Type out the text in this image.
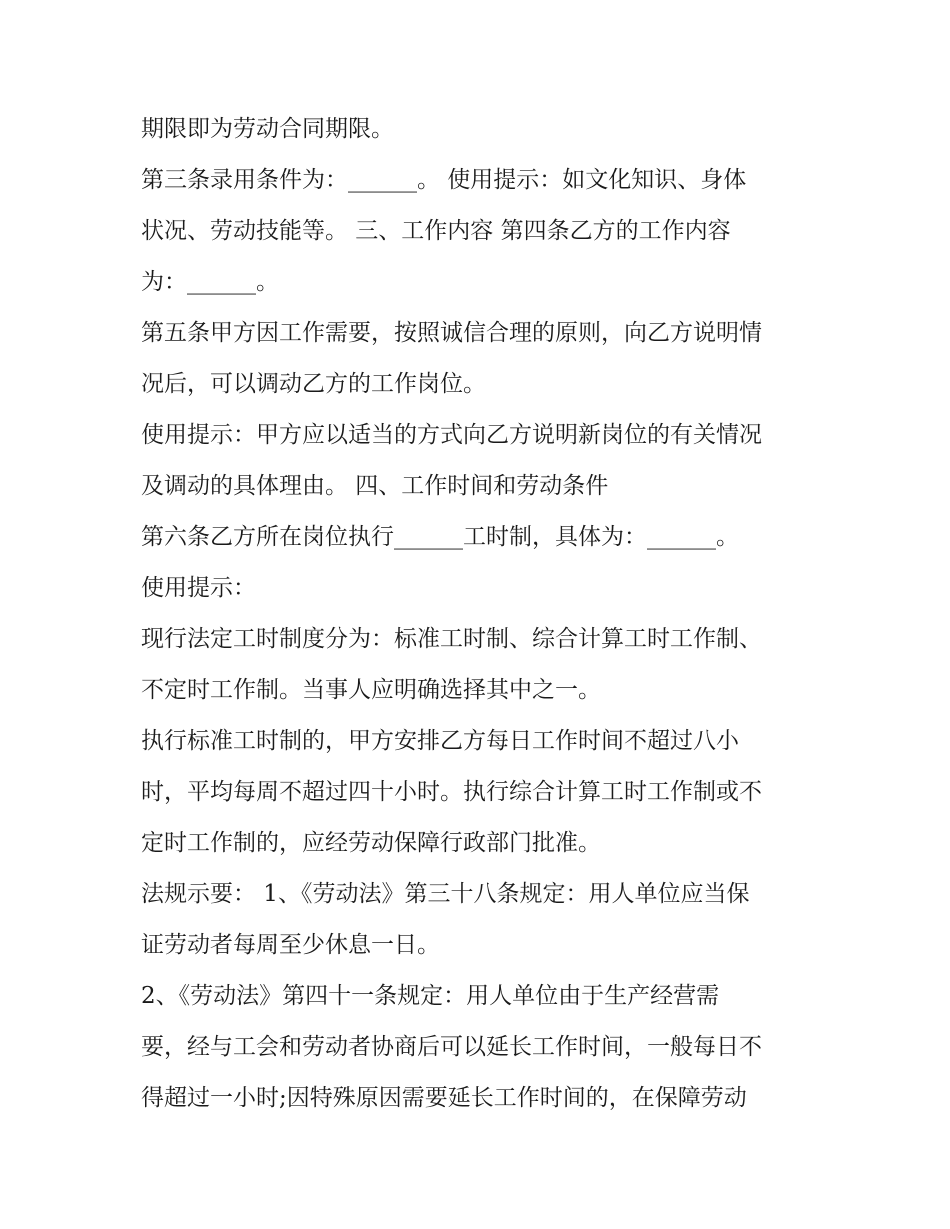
期限即为劳动合同期限。
第三条录用条件为：______。 使用提示：如文化知识、身体
状况、劳动技能等。 三、工作内容 第四条乙方的工作内容
为：______。
第五条甲方因工作需要，按照诚信合理的原则，向乙方说明情
况后，可以调动乙方的工作岗位。
使用提示：甲方应以适当的方式向乙方说明新岗位的有关情况
及调动的具体理由。 四、工作时间和劳动条件
第六条乙方所在岗位执行______工时制，具体为：______。
使用提示：
现行法定工时制度分为：标准工时制、综合计算工时工作制、
不定时工作制。当事人应明确选择其中之一。
执行标准工时制的，甲方安排乙方每日工作时间不超过八小
时，平均每周不超过四十小时。执行综合计算工时工作制或不
定时工作制的，应经劳动保障行政部门批准。
法规示要： 1、《劳动法》第三十八条规定：用人单位应当保
证劳动者每周至少休息一日。
2、《劳动法》第四十一条规定：用人单位由于生产经营需
要，经与工会和劳动者协商后可以延长工作时间，一般每日不
得超过一小时;因特殊原因需要延长工作时间的，在保障劳动
